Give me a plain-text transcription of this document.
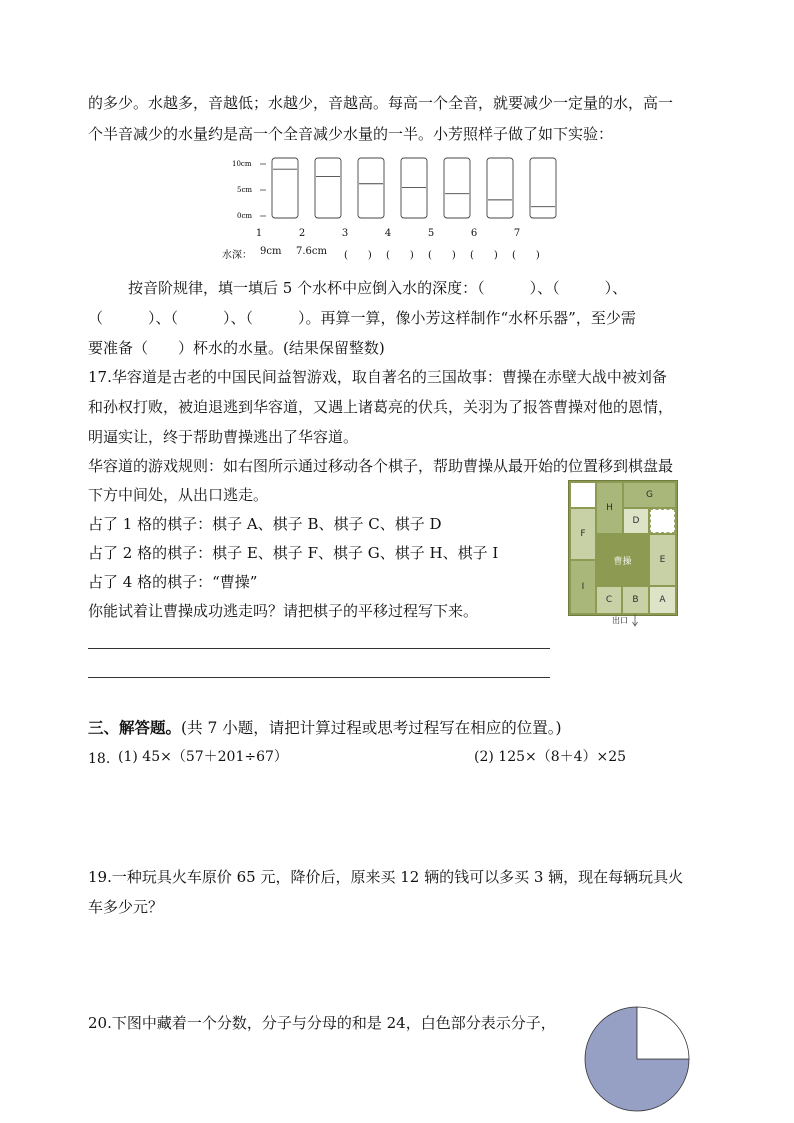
的多少。水越多，音越低；水越少，音越高。每高一个全音，就要减少一定量的水，高一
个半音减少的水量约是高一个全音减少水量的一半。小芳照样子做了如下实验：
10cm
5cm
0cm
1	2	3	4	5	6	7
水深： 9cm 7.6cm (　　) (　　) (　　) (　　) (　　)
按音阶规律，填一填后 5 个水杯中应倒入水的深度：（　　　）、（　　　）、
（　　　）、（　　　）、（　　　）。再算一算，像小芳这样制作“水杯乐器”，至少需
要准备（　　）杯水的水量。(结果保留整数)
17.华容道是古老的中国民间益智游戏，取自著名的三国故事：曹操在赤壁大战中被刘备
和孙权打败，被迫退逃到华容道，又遇上诸葛亮的伏兵，关羽为了报答曹操对他的恩情，
明逼实让，终于帮助曹操逃出了华容道。
华容道的游戏规则：如右图所示通过移动各个棋子，帮助曹操从最开始的位置移到棋盘最
下方中间处，从出口逃走。
占了 1 格的棋子：棋子 A、棋子 B、棋子 C、棋子 D
占了 2 格的棋子：棋子 E、棋子 F、棋子 G、棋子 H、棋子 I
占了 4 格的棋子：“曹操”
你能试着让曹操成功逃走吗？请把棋子的平移过程写下来。
H
G
D
F
曹操	E
I
C	B	A
出口
三、解答题。(共 7 小题，请把计算过程或思考过程写在相应的位置。)
18. (1) 45×（57＋201÷67）	(2) 125×（8＋4）×25
19.一种玩具火车原价 65 元，降价后，原来买 12 辆的钱可以多买 3 辆，现在每辆玩具火
车多少元？
20.下图中藏着一个分数，分子与分母的和是 24，白色部分表示分子，
